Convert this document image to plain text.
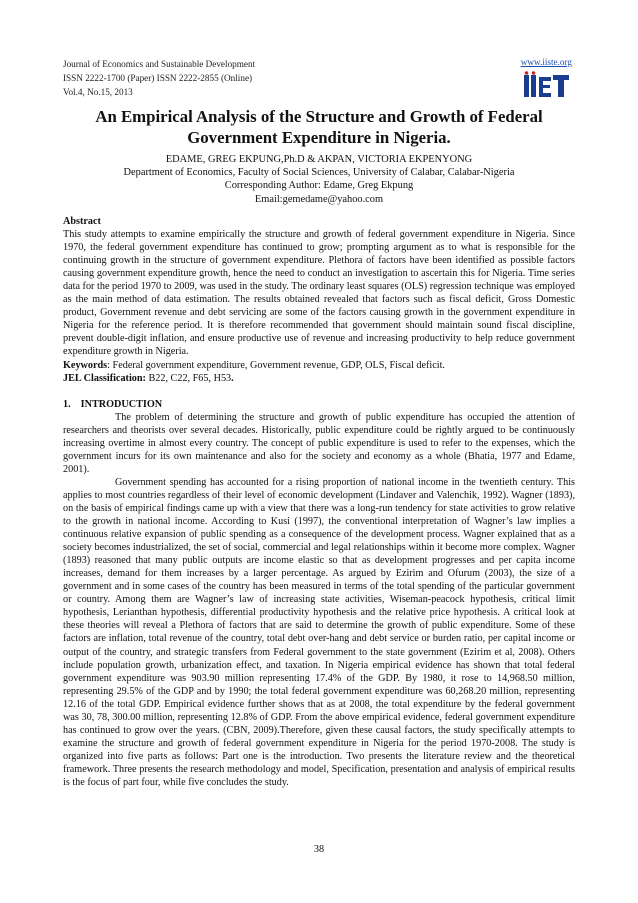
Journal of Economics and Sustainable Development
ISSN 2222-1700 (Paper) ISSN 2222-2855 (Online)
Vol.4, No.15, 2013
www.iiste.org
An Empirical Analysis of the Structure and Growth of Federal Government Expenditure in Nigeria.
EDAME, GREG EKPUNG,Ph.D & AKPAN, VICTORIA EKPENYONG
Department of Economics, Faculty of Social Sciences, University of Calabar, Calabar-Nigeria
Corresponding Author: Edame, Greg Ekpung
Email:gemedame@yahoo.com

Abstract

This study attempts to examine empirically the structure and growth of federal government expenditure in Nigeria. Since 1970, the federal government expenditure has continued to grow; prompting argument as to what is responsible for the continuing growth in the structure of government expenditure. Plethora of factors have been identified as possible factors causing government expenditure growth, hence the need to conduct an investigation to ascertain this for Nigeria. Time series data for the period 1970 to 2009, was used in the study. The ordinary least squares (OLS) regression technique was employed as the main method of data estimation. The results obtained revealed that factors such as fiscal deficit, Gross Domestic product, Government revenue and debt servicing are some of the factors causing growth in the government expenditure in Nigeria for the reference period. It is therefore recommended that government should maintain sound fiscal discipline, prevent double-digit inflation, and ensure productive use of revenue and increasing productivity to help reduce government expenditure growth in Nigeria.

Keywords: Federal government expenditure, Government revenue, GDP, OLS, Fiscal deficit.

JEL Classification: B22, C22, F65, H53.

1. INTRODUCTION

The problem of determining the structure and growth of public expenditure has occupied the attention of researchers and theorists over several decades. Historically, public expenditure could be rightly argued to be continuously increasing overtime in almost every country. The concept of public expenditure is used to refer to the expenses, which the government incurs for its own maintenance and also for the society and economy as a whole (Bhatia, 1977 and Edame, 2001).

Government spending has accounted for a rising proportion of national income in the twentieth century. This applies to most countries regardless of their level of economic development (Lindaver and Valenchik, 1992). Wagner (1893), on the basis of empirical findings came up with a view that there was a long-run tendency for state activities to grow relative to the growth in national income. According to Kusi (1997), the conventional interpretation of Wagner’s law implies a continuous relative expansion of public spending as a consequence of the development process. Wagner explained that as a society becomes industrialized, the set of social, commercial and legal relationships within it become more complex. Wagner (1893) reasoned that many public outputs are income elastic so that as development progresses and per capita income increases, demand for them increases by a larger percentage. As argued by Ezirim and Ofurum (2003), the size of a government and in some cases of the country has been measured in terms of the total spending of the particular government or country. Among them are Wagner’s law of increasing state activities, Wiseman-peacock hypothesis, critical limit hypothesis, Lerianthan hypothesis, differential productivity hypothesis and the relative price hypothesis. A critical look at these theories will reveal a Plethora of factors that are said to determine the growth of public expenditure. Some of these factors are inflation, total revenue of the country, total debt over-hang and debt service or burden ratio, per capital income or output of the country, and strategic transfers from Federal government to the state government (Ezirim et al, 2008). Others include population growth, urbanization effect, and taxation. In Nigeria empirical evidence has shown that total federal government expenditure was 903.90 million representing 17.4% of the GDP. By 1980, it rose to 14,968.50 million, representing 29.5% of the GDP and by 1990; the total federal government expenditure was 60,268.20 million, representing 12.16 of the total GDP. Empirical evidence further shows that as at 2008, the total expenditure by the federal government was 30, 78, 300.00 million, representing 12.8% of GDP. From the above empirical evidence, federal government expenditure has continued to grow over the years. (CBN, 2009).Therefore, given these causal factors, the study specifically attempts to examine the structure and growth of federal government expenditure in Nigeria for the period 1970-2008. The study is organized into five parts as follows: Part one is the introduction. Two presents the literature review and the theoretical framework. Three presents the research methodology and model, Specification, presentation and analysis of empirical results is the focus of part four, while five concludes the study.

38
